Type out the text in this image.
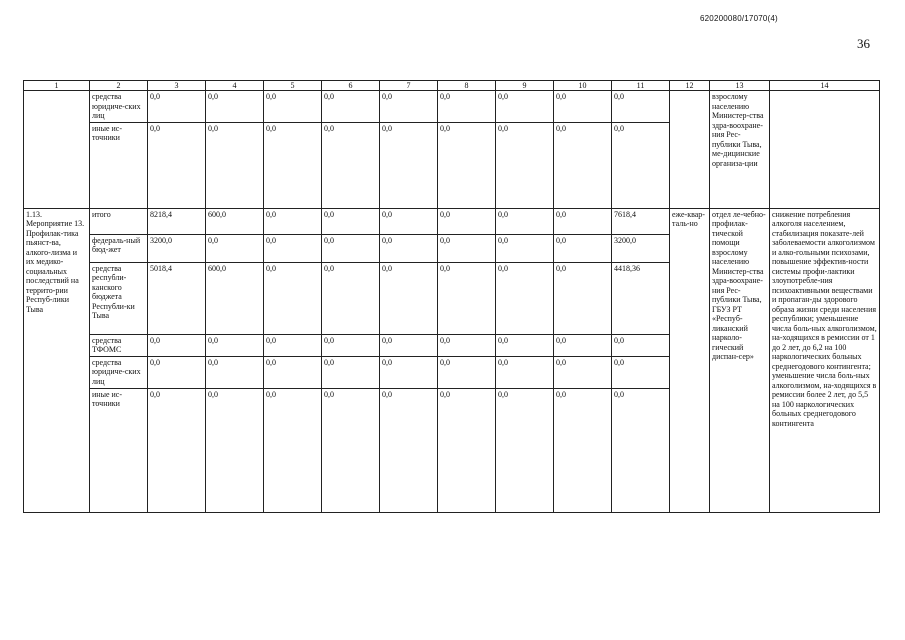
620200080/17070(4)
36
1	2	3	4	5	6	7	8	9	10	11	12	13	14
	средства юридиче-ских лиц	0,0	0,0	0,0	0,0	0,0	0,0	0,0	0,0	0,0		взрослому населению Министер-ства здра-воохране-ния Рес-публики Тыва, ме-дицинские организа-ции	
	иные ис-точники	0,0	0,0	0,0	0,0	0,0	0,0	0,0	0,0	0,0			
1.13. Мероприятие 13. Профилак-тика пьянст-ва, алкого-лизма и их медико-социальных последствий на террито-рии Респуб-лики Тыва	итого	8218,4	600,0	0,0	0,0	0,0	0,0	0,0	0,0	7618,4	еже-квар-таль-но	отдел ле-чебно-профилак-тической помощи взрослому населению Министер-ства здра-воохране-ния Рес-публики Тыва, ГБУЗ РТ «Респуб-ликанский нарколо-гический диспан-сер»	снижение потребления алкоголя населением, стабилизация показате-лей заболеваемости алкоголизмом и алко-гольными психозами, повышение эффектив-ности системы профи-лактики злоупотребле-ния психоактивными веществами и пропаган-ды здорового образа жизни среди населения республики; уменьшение числа боль-ных алкоголизмом, на-ходящихся в ремиссии от 1 до 2 лет, до 6,2 на 100 наркологических больных среднегодового контингента; уменьшение числа боль-ных алкоголизмом, на-ходящихся в ремиссии более 2 лет, до 5,5 на 100 наркологических больных среднегодового контингента
	федераль-ный бюд-жет	3200,0	0,0	0,0	0,0	0,0	0,0	0,0	0,0	3200,0			
	средства республи-канского бюджета Республи-ки Тыва	5018,4	600,0	0,0	0,0	0,0	0,0	0,0	0,0	4418,36			
	средства ТФОМС	0,0	0,0	0,0	0,0	0,0	0,0	0,0	0,0	0,0			
	средства юридиче-ских лиц	0,0	0,0	0,0	0,0	0,0	0,0	0,0	0,0	0,0			
	иные ис-точники	0,0	0,0	0,0	0,0	0,0	0,0	0,0	0,0	0,0			
